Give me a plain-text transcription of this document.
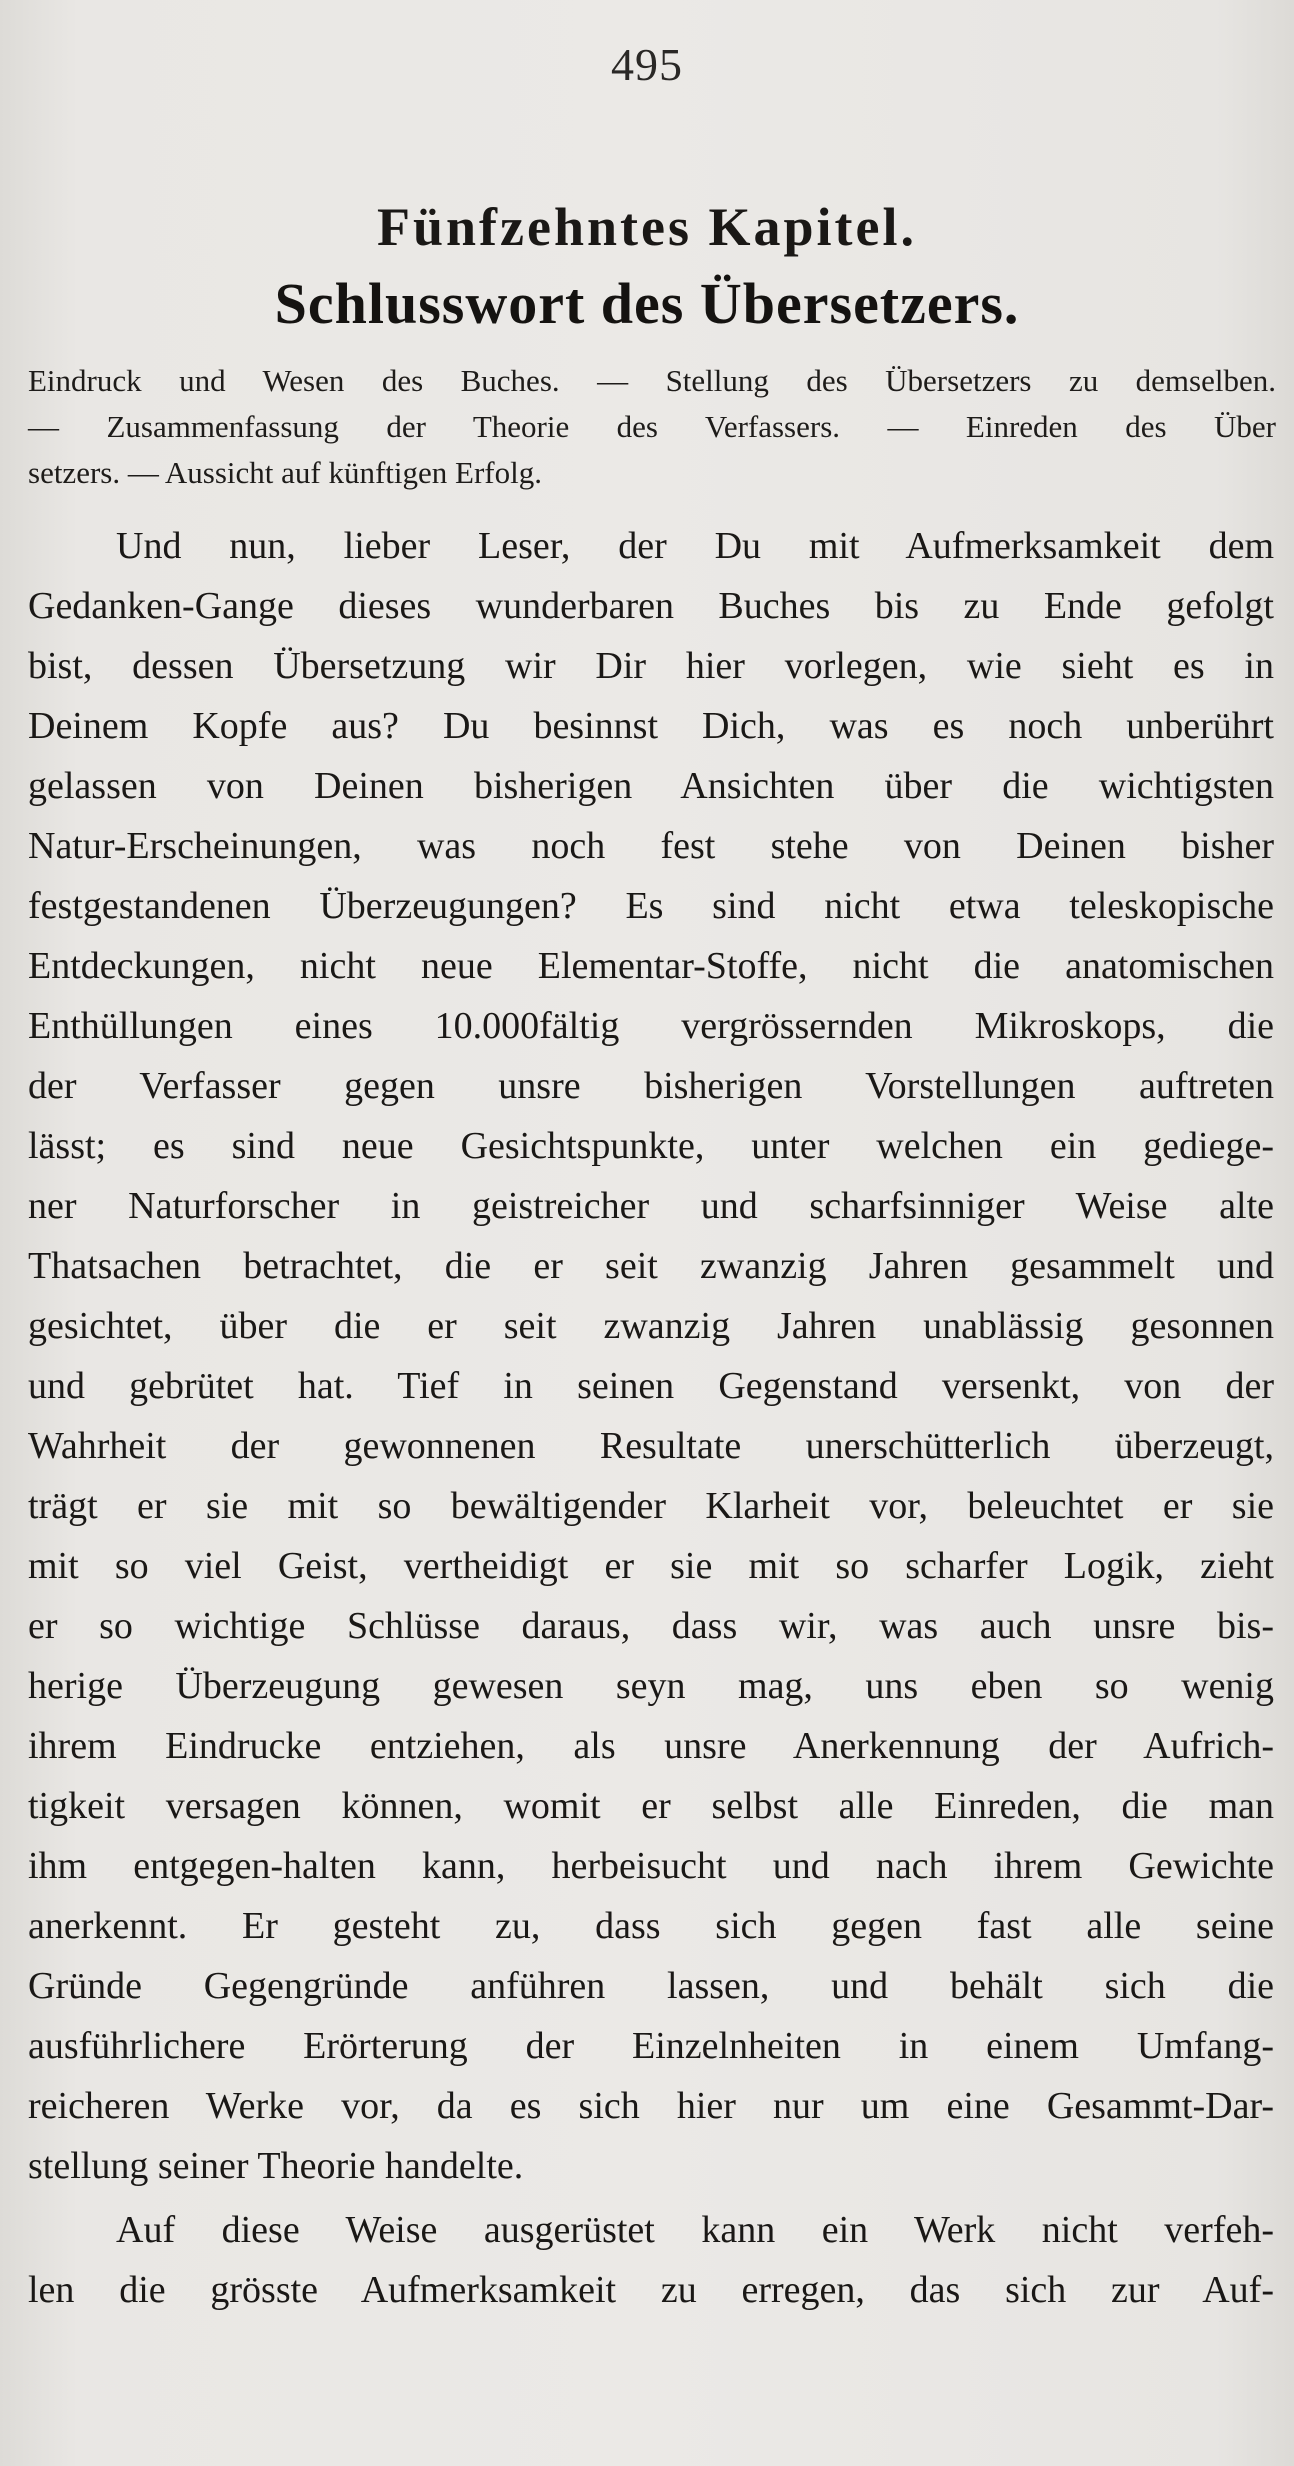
495
Fünfzehntes Kapitel.
Schlusswort des Übersetzers.
Eindruck und Wesen des Buches. — Stellung des Übersetzers zu demselben.
— Zusammenfassung der Theorie des Verfassers. — Einreden des Über
setzers. — Aussicht auf künftigen Erfolg.
Und nun, lieber Leser, der Du mit Aufmerksamkeit dem
Gedanken-Gange dieses wunderbaren Buches bis zu Ende gefolgt
bist, dessen Übersetzung wir Dir hier vorlegen, wie sieht es in
Deinem Kopfe aus? Du besinnst Dich, was es noch unberührt
gelassen von Deinen bisherigen Ansichten über die wichtigsten
Natur-Erscheinungen, was noch fest stehe von Deinen bisher
festgestandenen Überzeugungen? Es sind nicht etwa teleskopische
Entdeckungen, nicht neue Elementar-Stoffe, nicht die anatomischen
Enthüllungen eines 10.000fältig vergrössernden Mikroskops, die
der Verfasser gegen unsre bisherigen Vorstellungen auftreten
lässt; es sind neue Gesichtspunkte, unter welchen ein gediege-
ner Naturforscher in geistreicher und scharfsinniger Weise alte
Thatsachen betrachtet, die er seit zwanzig Jahren gesammelt und
gesichtet, über die er seit zwanzig Jahren unablässig gesonnen
und gebrütet hat. Tief in seinen Gegenstand versenkt, von der
Wahrheit der gewonnenen Resultate unerschütterlich überzeugt,
trägt er sie mit so bewältigender Klarheit vor, beleuchtet er sie
mit so viel Geist, vertheidigt er sie mit so scharfer Logik, zieht
er so wichtige Schlüsse daraus, dass wir, was auch unsre bis-
herige Überzeugung gewesen seyn mag, uns eben so wenig
ihrem Eindrucke entziehen, als unsre Anerkennung der Aufrich-
tigkeit versagen können, womit er selbst alle Einreden, die man
ihm entgegen-halten kann, herbeisucht und nach ihrem Gewichte
anerkennt. Er gesteht zu, dass sich gegen fast alle seine
Gründe Gegengründe anführen lassen, und behält sich die
ausführlichere Erörterung der Einzelnheiten in einem Umfang-
reicheren Werke vor, da es sich hier nur um eine Gesammt-Dar-
stellung seiner Theorie handelte.
Auf diese Weise ausgerüstet kann ein Werk nicht verfeh-
len die grösste Aufmerksamkeit zu erregen, das sich zur Auf-
